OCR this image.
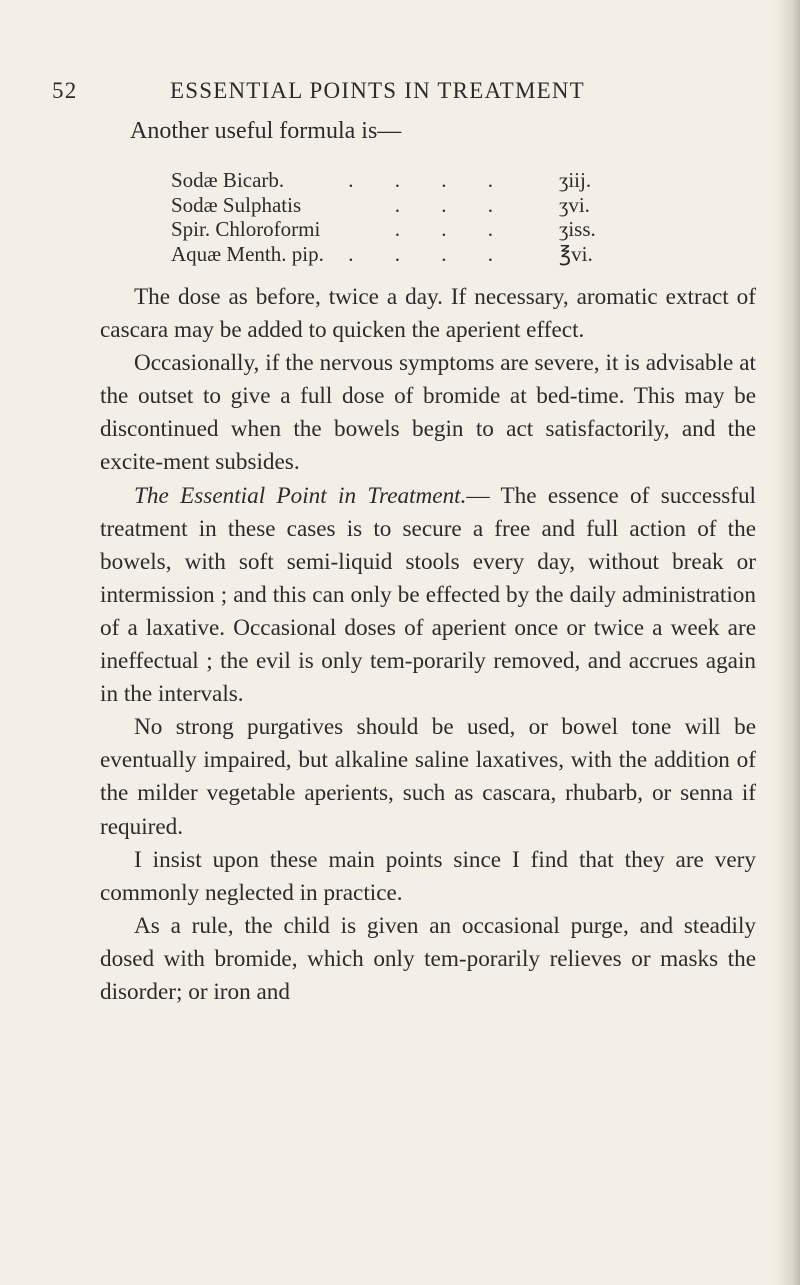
52	ESSENTIAL POINTS IN TREATMENT
Another useful formula is—
Sodæ Bicarb.	. . . . ʒiij.
Sodæ Sulphatis	. . . ʒvi.
Spir. Chloroformi	. . . ʒiss.
Aquæ Menth. pip.	. . . . ℥vi.

The dose as before, twice a day. If necessary, aromatic extract of cascara may be added to quicken the aperient effect.

Occasionally, if the nervous symptoms are severe, it is advisable at the outset to give a full dose of bromide at bed-time. This may be discontinued when the bowels begin to act satisfactorily, and the excite-ment subsides.

The Essential Point in Treatment.— The essence of successful treatment in these cases is to secure a free and full action of the bowels, with soft semi-liquid stools every day, without break or intermission ; and this can only be effected by the daily administration of a laxative. Occasional doses of aperient once or twice a week are ineffectual ; the evil is only tem-porarily removed, and accrues again in the intervals.

No strong purgatives should be used, or bowel tone will be eventually impaired, but alkaline saline laxatives, with the addition of the milder vegetable aperients, such as cascara, rhubarb, or senna if required.

I insist upon these main points since I find that they are very commonly neglected in practice.

As a rule, the child is given an occasional purge, and steadily dosed with bromide, which only tem-porarily relieves or masks the disorder; or iron and
